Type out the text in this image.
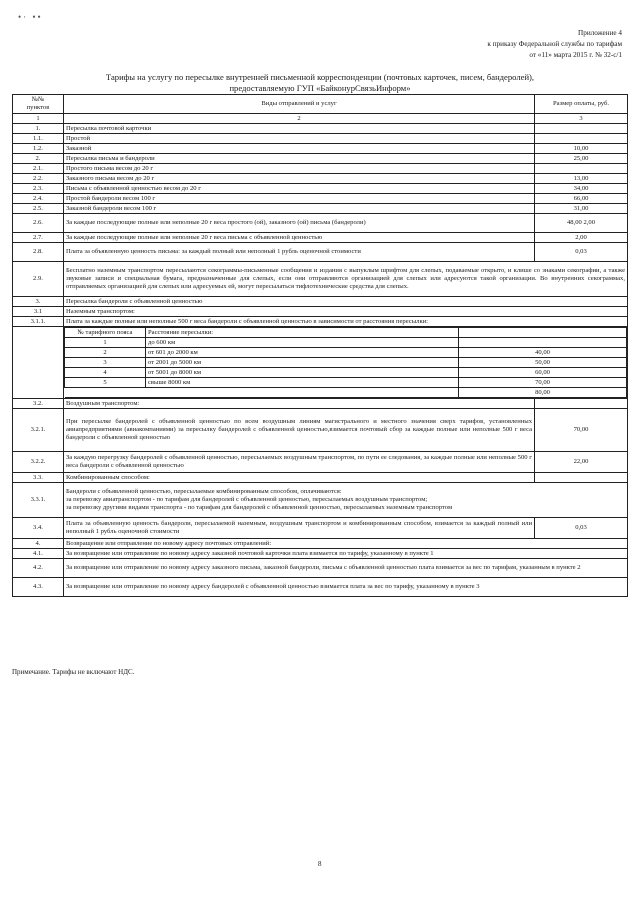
•· ••
Приложение 4
к приказу Федеральной службы по тарифам
от «11» марта 2015 г. № 32-с/1
Тарифы на услугу по пересылке внутренней письменной корреспонденции (почтовых карточек, писем, бандеролей),
предоставляемую ГУП «БайконурСвязьИнформ»
№№
пунктов	Виды отправлений и услуг	Размер оплаты, руб.
1	2	3
1.	Пересылка почтовой карточки	
1.1.	Простой	
1.2.	Заказной	10,00
2.	Пересылка письма и бандероли	25,00
2.1.	Простого письма весом до 20 г	
2.2.	Заказного письма весом до 20 г	13,00
2.3.	Письма с объявленной ценностью весом до 20 г	34,00
2.4.	Простой бандероли весом 100 г	66,00
2.5.	Заказной бандероли весом 100 г	31,00
2.6.	За каждые последующие полные или неполные 20 г веса простого (ой), заказного (ой) письма (бандероли)	48,00 2,00
2.7.	За каждые последующие полные или неполные 20 г веса письма с объявленной ценностью	2,00
2.8.	Плата за объявленную ценность письма: за каждый полный или неполный 1 рубль оценочной стоимости	0,03
2.9.	Бесплатно наземным транспортом пересылаются секограммы-письменные сообщения и издания с выпуклым шрифтом для слепых, подаваемые открыто, и клише со знаками секографии, а также звуковые записи и специальная бумага, предназначенные для слепых, если они отправляются организацией для слепых или адресуются такой организации. Во внутренних секограммах, отправляемых организацией для слепых или адресуемых ей, могут пересылаться тифлотехнические средства для слепых.
3.	Пересылка бандероли с объявленной ценностью
3.1	Наземным транспортом:
3.1.1.	Плата за каждые полные или неполные 500 г веса бандероли с объявленной ценностью в зависимости от расстояния пересылки:

№ тарифного пояса	Расстояние пересылки:	
1	до 600 км	
2	от 601 до 2000 км	40,00
3	от 2001 до 5000 км	50,00
4	от 5001 до 8000 км	60,00
5	свыше 8000 км	70,00
	80,00

3.2.	Воздушным транспортом:	
3.2.1.	При пересылке бандеролей с объявленной ценностью по всем воздушным линиям магистрального и местного значения сверх тарифов, установленных авиапредприятиями (авиакомпаниями) за пересылку бандеролей с объявленной ценностью,взимается почтовый сбор за каждые полные или неполные 500 г веса бандероли с объявленной ценностью	70,00
3.2.2.	За каждую перегрузку бандеролей с объявленной ценностью, пересылаемых воздушным транспортом, по пути ее следования, за каждые полные или неполные 500 г веса бандероли с объявленной ценностью	22,00
3.3.	Комбинированным способом:	
3.3.1.	
Бандероли с объявленной ценностью, пересылаемые комбинированным способом, оплачиваются:
за перевозку авиатранспортом - по тарифам для бандеролей с объявленной ценностью, пересылаемых воздушным транспортом;
за перевозку другими видами транспорта - по тарифам для бандеролей с объявленной ценностью, пересылаемых наземным транспортом

3.4.	Плата за объявленную ценность бандероли, пересылаемой наземным, воздушным транспортом и комбинированным способом, взимается за каждый полный или неполный 1 рубль оценочной стоимости	0,03
4.	Возвращение или отправление по новому адресу почтовых отправлений:
4.1.	За возвращение или отправление по новому адресу заказной почтовой карточки плата взимается по тарифу, указанному в пункте 1
4.2.	За возвращение или отправление по новому адресу заказного письма, заказной бандероли, письма с объявленной ценностью плата взимается за вес по тарифам, указанным в пункте 2
4.3.	За возвращение или отправление по новому адресу бандеролей с объявленной ценностью взимается плата за вес по тарифу, указанному в пункте 3
Примечание. Тарифы не включают НДС.
8
